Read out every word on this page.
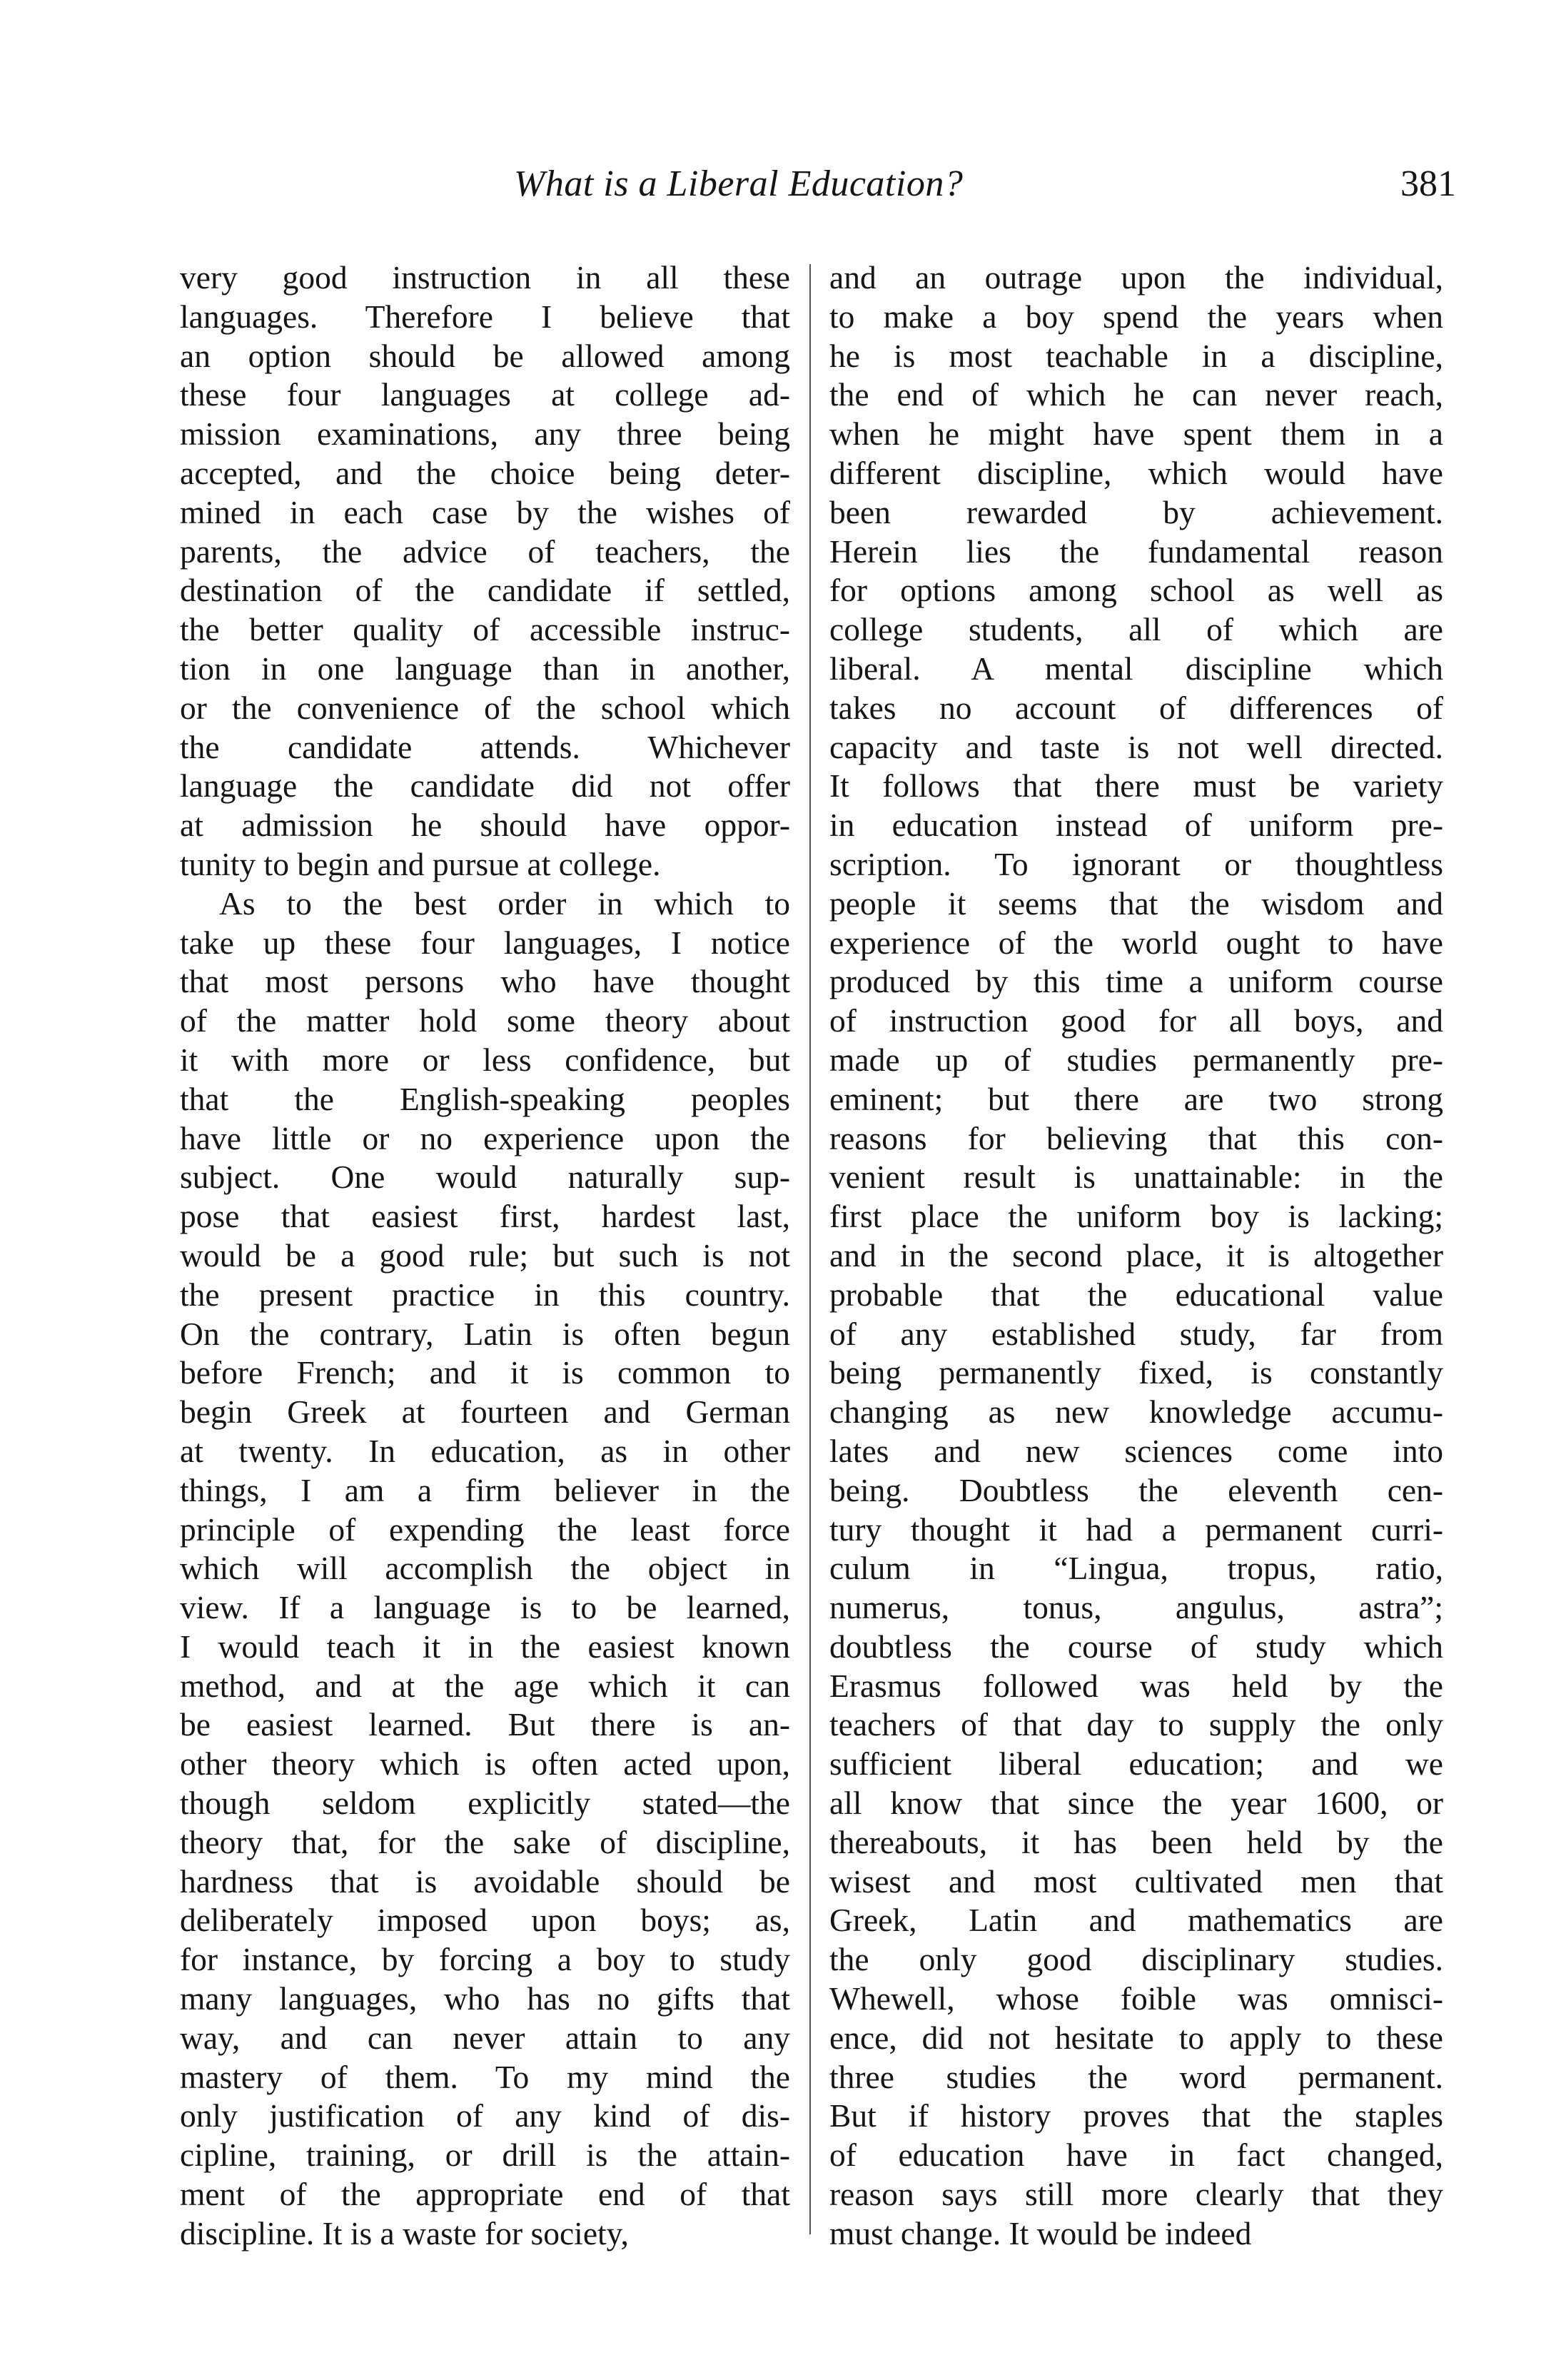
What is a Liberal Education?	381
very good instruction in all these
languages. Therefore I believe that
an option should be allowed among
these four languages at college ad-
mission examinations, any three being
accepted, and the choice being deter-
mined in each case by the wishes of
parents, the advice of teachers, the
destination of the candidate if settled,
the better quality of accessible instruc-
tion in one language than in another,
or the convenience of the school which
the candidate attends. Whichever
language the candidate did not offer
at admission he should have oppor-
tunity to begin and pursue at college.
As to the best order in which to
take up these four languages, I notice
that most persons who have thought
of the matter hold some theory about
it with more or less confidence, but
that the English-speaking peoples
have little or no experience upon the
subject. One would naturally sup-
pose that easiest first, hardest last,
would be a good rule; but such is not
the present practice in this country.
On the contrary, Latin is often begun
before French; and it is common to
begin Greek at fourteen and German
at twenty. In education, as in other
things, I am a firm believer in the
principle of expending the least force
which will accomplish the object in
view. If a language is to be learned,
I would teach it in the easiest known
method, and at the age which it can
be easiest learned. But there is an-
other theory which is often acted upon,
though seldom explicitly stated—the
theory that, for the sake of discipline,
hardness that is avoidable should be
deliberately imposed upon boys; as,
for instance, by forcing a boy to study
many languages, who has no gifts that
way, and can never attain to any
mastery of them. To my mind the
only justification of any kind of dis-
cipline, training, or drill is the attain-
ment of the appropriate end of that
discipline. It is a waste for society,
and an outrage upon the individual,
to make a boy spend the years when
he is most teachable in a discipline,
the end of which he can never reach,
when he might have spent them in a
different discipline, which would have
been rewarded by achievement.
Herein lies the fundamental reason
for options among school as well as
college students, all of which are
liberal. A mental discipline which
takes no account of differences of
capacity and taste is not well directed.
It follows that there must be variety
in education instead of uniform pre-
scription. To ignorant or thoughtless
people it seems that the wisdom and
experience of the world ought to have
produced by this time a uniform course
of instruction good for all boys, and
made up of studies permanently pre-
eminent; but there are two strong
reasons for believing that this con-
venient result is unattainable: in the
first place the uniform boy is lacking;
and in the second place, it is altogether
probable that the educational value
of any established study, far from
being permanently fixed, is constantly
changing as new knowledge accumu-
lates and new sciences come into
being. Doubtless the eleventh cen-
tury thought it had a permanent curri-
culum in “Lingua, tropus, ratio,
numerus, tonus, angulus, astra”;
doubtless the course of study which
Erasmus followed was held by the
teachers of that day to supply the only
sufficient liberal education; and we
all know that since the year 1600, or
thereabouts, it has been held by the
wisest and most cultivated men that
Greek, Latin and mathematics are
the only good disciplinary studies.
Whewell, whose foible was omnisci-
ence, did not hesitate to apply to these
three studies the word permanent.
But if history proves that the staples
of education have in fact changed,
reason says still more clearly that they
must change. It would be indeed
